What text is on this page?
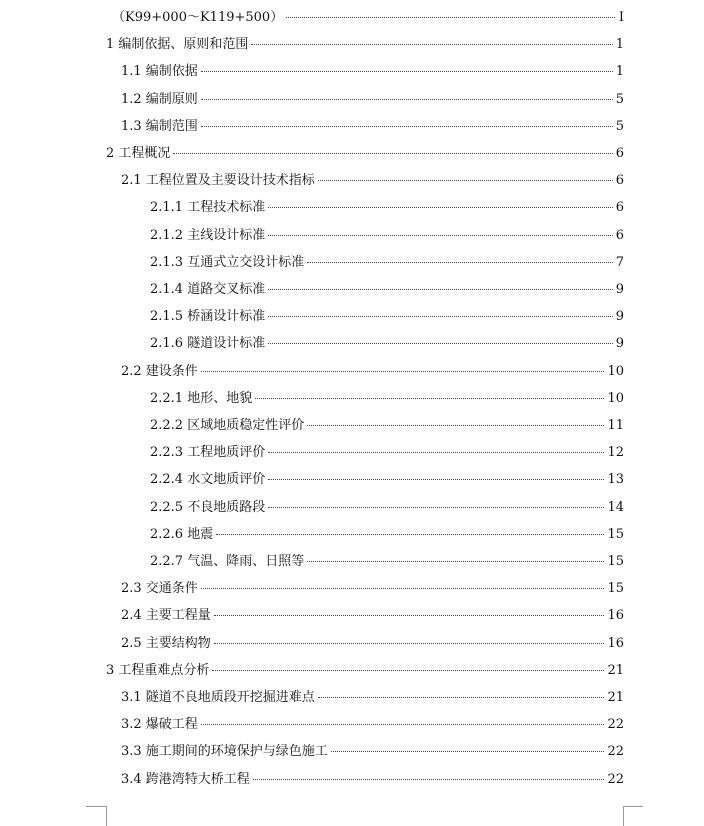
（K99+000～K119+500）	I
1 编制依据、原则和范围	1
1.1 编制依据	1
1.2 编制原则	5
1.3 编制范围	5
2 工程概况	6
2.1 工程位置及主要设计技术指标	6
2.1.1 工程技术标准	6
2.1.2 主线设计标准	6
2.1.3 互通式立交设计标准	7
2.1.4 道路交叉标准	9
2.1.5 桥涵设计标准	9
2.1.6 隧道设计标准	9
2.2 建设条件	10
2.2.1 地形、地貌	10
2.2.2 区域地质稳定性评价	11
2.2.3 工程地质评价	12
2.2.4 水文地质评价	13
2.2.5 不良地质路段	14
2.2.6 地震	15
2.2.7 气温、降雨、日照等	15
2.3 交通条件	15
2.4 主要工程量	16
2.5 主要结构物	16
3 工程重难点分析	21
3.1 隧道不良地质段开挖掘进难点	21
3.2 爆破工程	22
3.3 施工期间的环境保护与绿色施工	22
3.4 跨港湾特大桥工程	22
